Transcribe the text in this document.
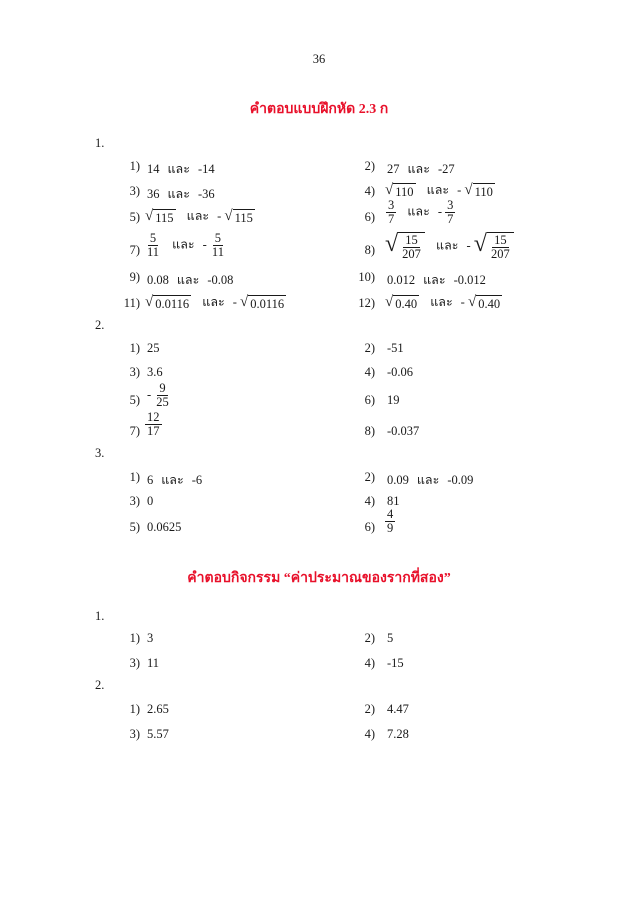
36
คำตอบแบบฝึกหัด 2.3 ก
1.
1) 14 และ -14	2) 27 และ -27
3) 36 และ -36	4) √ 110 และ - √ 110
5) √ 115 และ - √ 115	$6) \frac{3}{7}$ และ - $\frac{3}{7}$
$7) \frac{5}{11}$ และ - $\frac{5}{11}$	8) √ $\frac{15}{207}$ และ - √ $\frac{15}{207}$
9) 0.08 และ -0.08	10) 0.012 และ -0.012
11) √ 0.0116 และ - √ 0.0116	12) √ 0.40 และ - √ 0.40
2.
1) 25	2) -51
3) 3.6	4) -0.06
$5) - \frac{9}{25}$	6) 19
$7) \frac{12}{17}$	8) -0.037
3.
1) 6 และ -6	2) 0.09 และ -0.09
3) 0	4) 81
5) 0.0625	$6) \frac{4}{9}$
คำตอบกิจกรรม “ค่าประมาณของรากที่สอง”
1.
1) 3	2) 5
3) 11	4) -15
2.
1) 2.65	2) 4.47
3) 5.57	4) 7.28
